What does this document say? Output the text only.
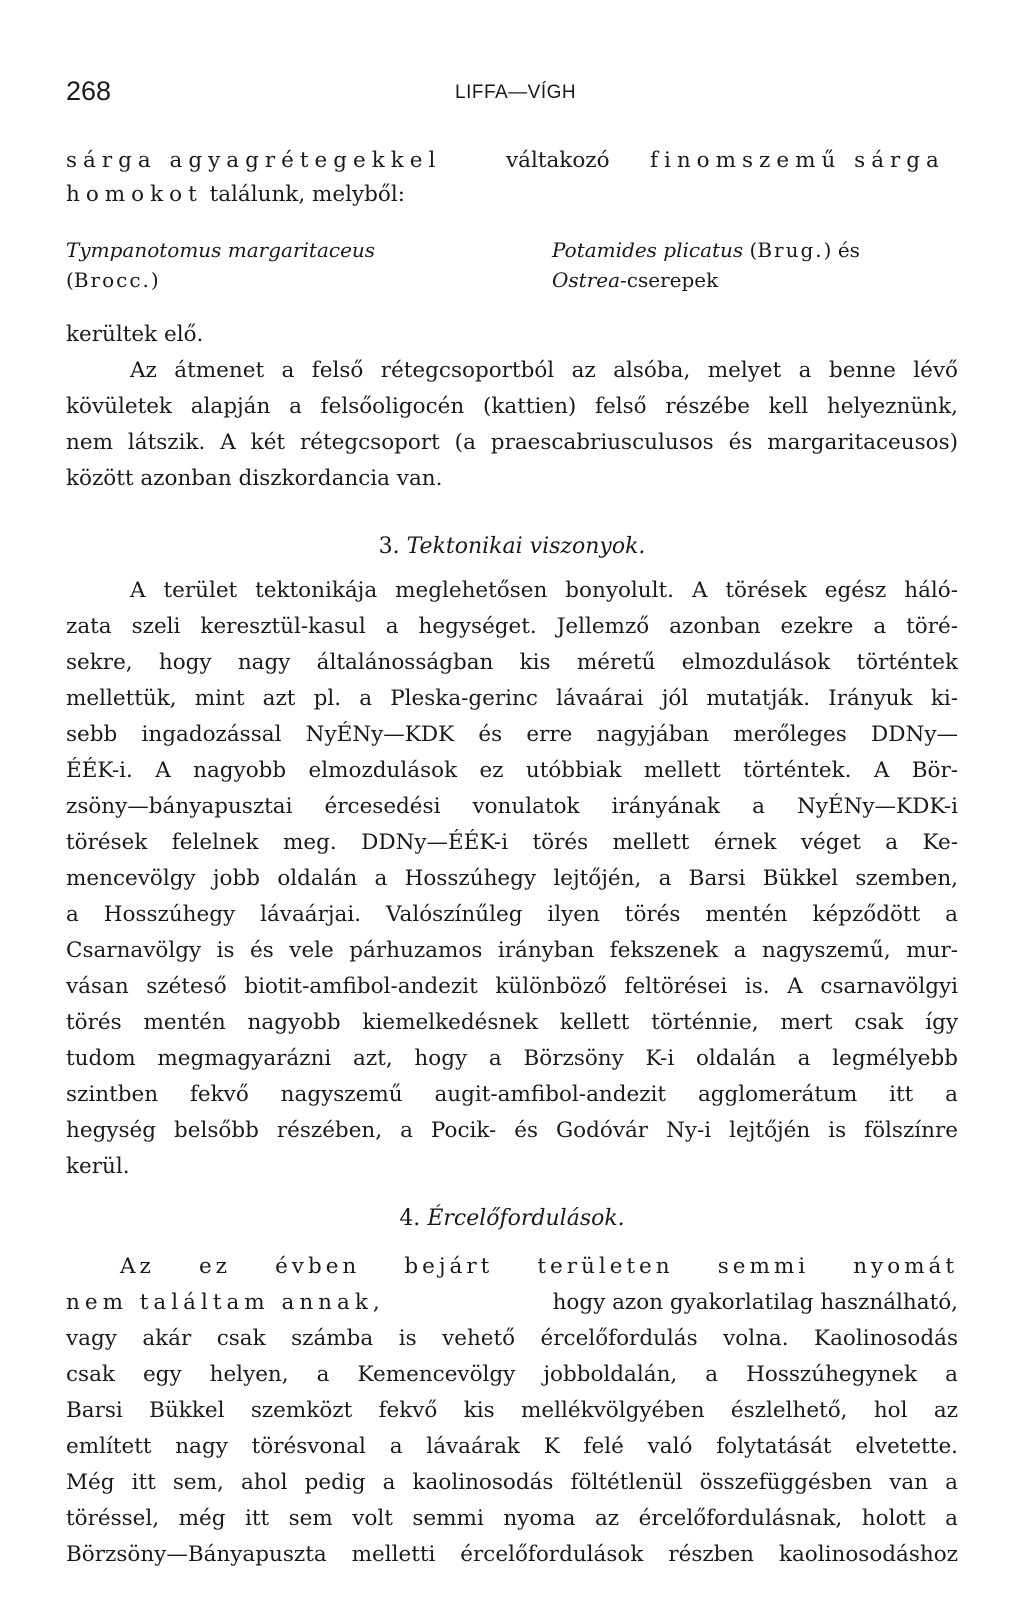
268	LIFFA—VÍGH
sárga agyagrétegekkel	váltakozó finomszemű sárga
homokot találunk, melyből:
Tympanotomus margaritaceus
(Brocc.)
Potamides plicatus (Brug.) és
Ostrea-cserepek
kerültek elő.
Az átmenet a felső rétegcsoportból az alsóba, melyet a benne lévő
kövületek alapján a felsőoligocén (kattien) felső részébe kell helyeznünk,
nem látszik. A két rétegcsoport (a praescabriusculusos és margaritaceusos)
között azonban diszkordancia van.
3. Tektonikai viszonyok.
A terület tektonikája meglehetősen bonyolult. A törések egész háló-
zata szeli keresztül-kasul a hegységet. Jellemző azonban ezekre a töré-
sekre, hogy nagy általánosságban kis méretű elmozdulások történtek
mellettük, mint azt pl. a Pleska-gerinc lávaárai jól mutatják. Irányuk ki-
sebb ingadozással NyÉNy—KDK és erre nagyjában merőleges DDNy—
ÉÉK-i. A nagyobb elmozdulások ez utóbbiak mellett történtek. A Bör-
zsöny—bányapusztai ércesedési vonulatok irányának a NyÉNy—KDK-i
törések felelnek meg. DDNy—ÉÉK-i törés mellett érnek véget a Ke-
mencevölgy jobb oldalán a Hosszúhegy lejtőjén, a Barsi Bükkel szemben,
a Hosszúhegy lávaárjai. Valószínűleg ilyen törés mentén képződött a
Csarnavölgy is és vele párhuzamos irányban fekszenek a nagyszemű, mur-
vásan széteső biotit-amfibol-andezit különböző feltörései is. A csarnavölgyi
törés mentén nagyobb kiemelkedésnek kellett történnie, mert csak így
tudom megmagyarázni azt, hogy a Börzsöny K-i oldalán a legmélyebb
szintben fekvő nagyszemű augit-amfibol-andezit agglomerátum itt a
hegység belsőbb részében, a Pocik- és Godóvár Ny-i lejtőjén is fölszínre
kerül.
4. Ércelőfordulások.
Az ez évben bejárt területen semmi nyomát
nem találtam annak,	hogy azon gyakorlatilag használható,
vagy akár csak számba is vehető ércelőfordulás volna. Kaolinosodás
csak egy helyen, a Kemencevölgy jobboldalán, a Hosszúhegynek a
Barsi Bükkel szemközt fekvő kis mellékvölgyében észlelhető, hol az
említett nagy törésvonal a lávaárak K felé való folytatását elvetette.
Még itt sem, ahol pedig a kaolinosodás föltétlenül összefüggésben van a
töréssel, még itt sem volt semmi nyoma az ércelőfordulásnak, holott a
Börzsöny—Bányapuszta melletti ércelőfordulások részben kaolinosodáshoz
